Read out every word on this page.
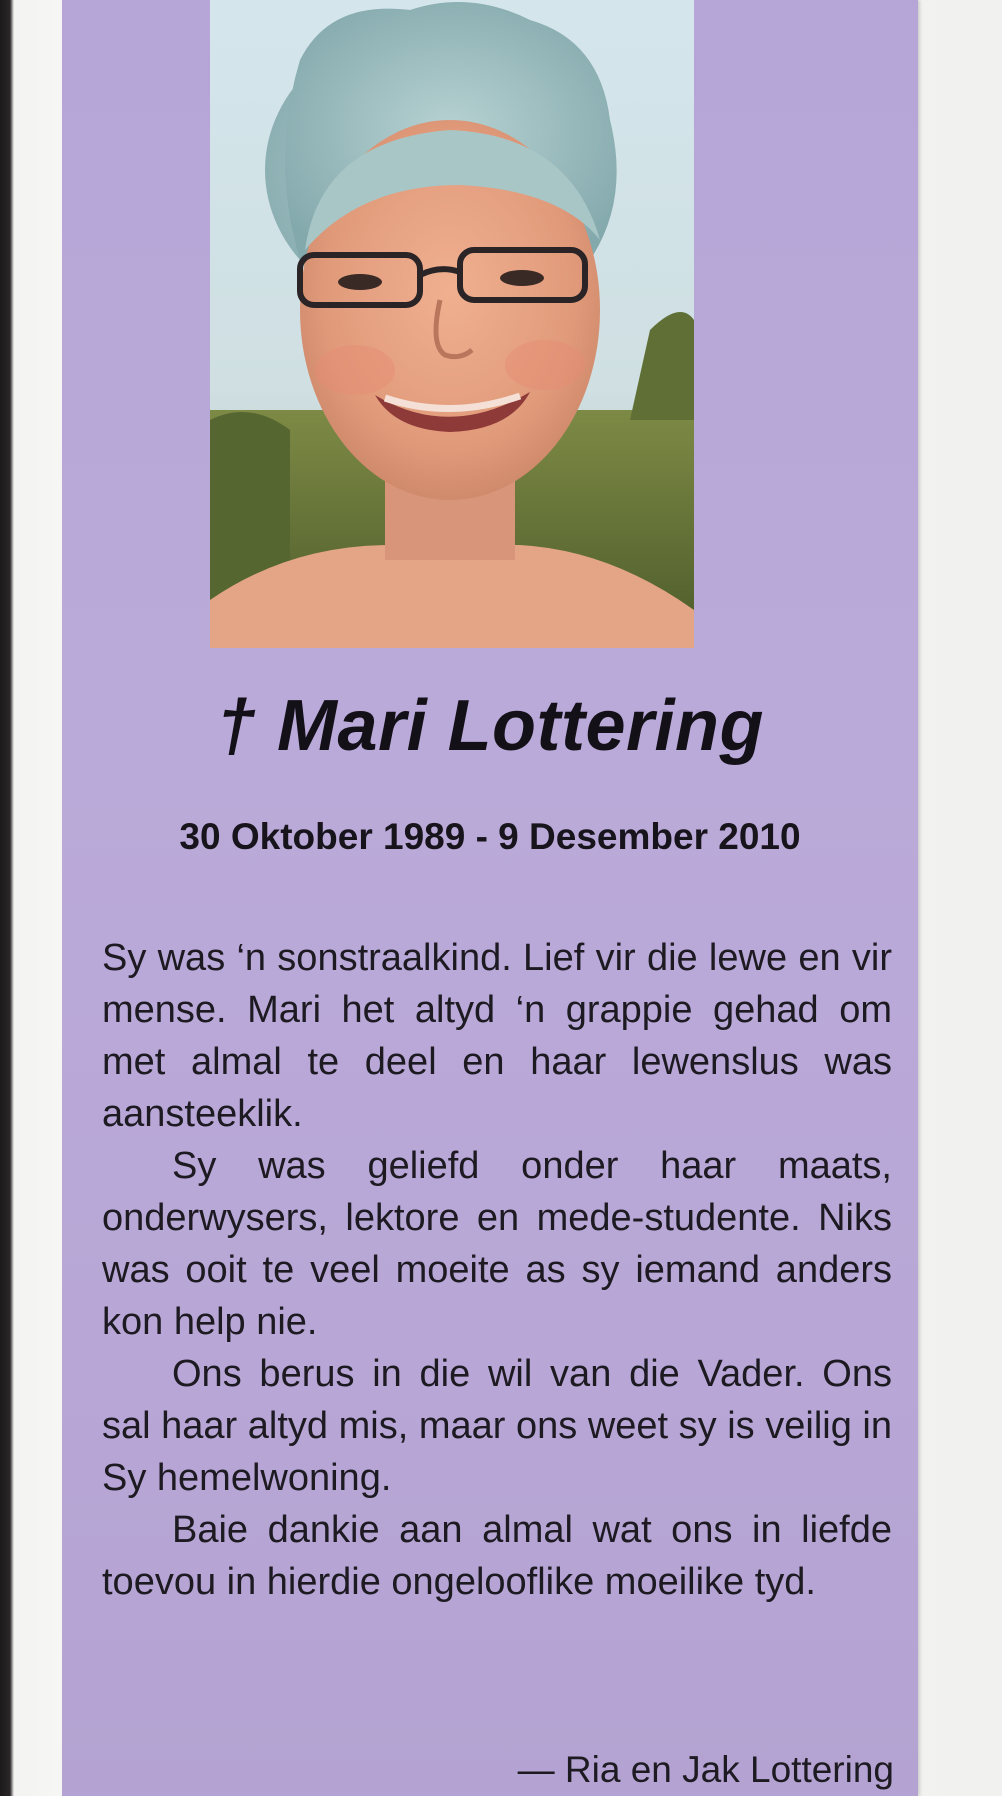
† Mari Lottering
30 Oktober 1989 - 9 Desember 2010

Sy was ‘n sonstraalkind. Lief vir die lewe en vir mense. Mari het altyd ‘n grappie gehad om met almal te deel en haar lewenslus was aansteeklik.

Sy was geliefd onder haar maats, onderwysers, lektore en mede-studente. Niks was ooit te veel moeite as sy iemand anders kon help nie.

Ons berus in die wil van die Vader. Ons sal haar altyd mis, maar ons weet sy is veilig in Sy hemelwoning.

Baie dankie aan almal wat ons in liefde toevou in hierdie ongelooflike moeilike tyd.

— Ria en Jak Lottering
